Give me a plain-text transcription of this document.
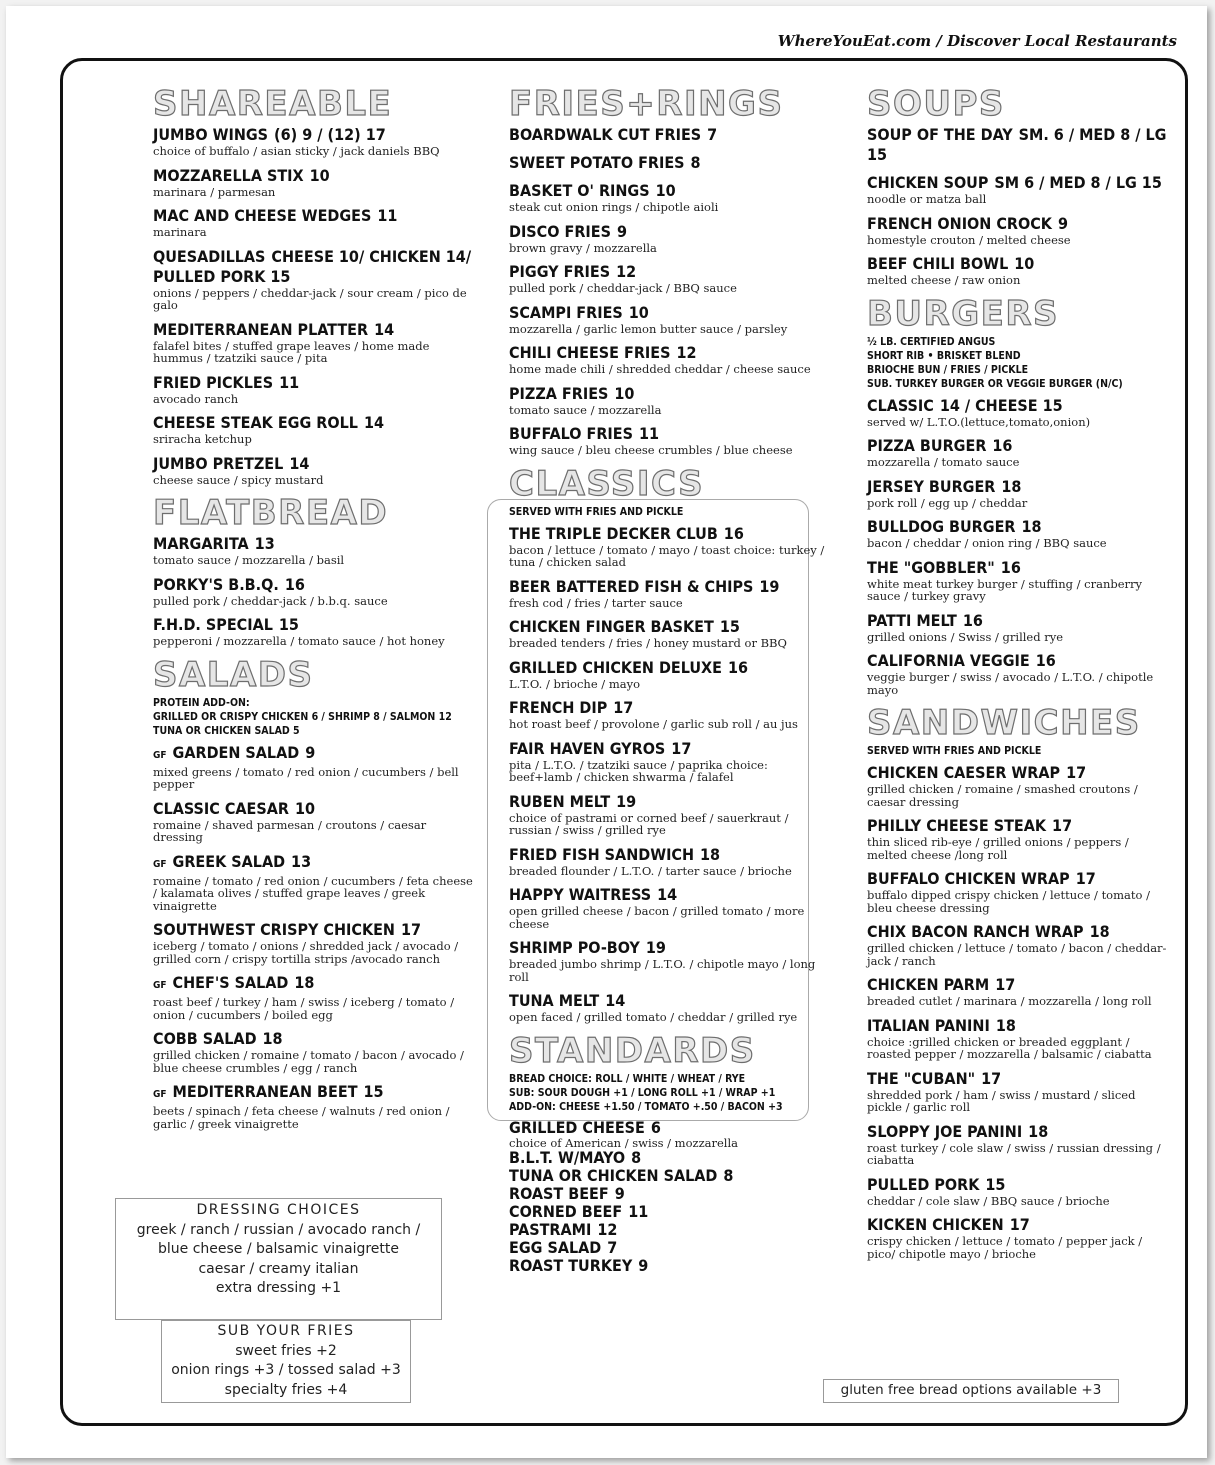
WhereYouEat.com / Discover Local Restaurants
SHAREABLE
JUMBO WINGS (6) 9 / (12) 17
choice of buffalo / asian sticky / jack daniels BBQ
MOZZARELLA STIX 10
marinara / parmesan
MAC AND CHEESE WEDGES 11
marinara
QUESADILLAS CHEESE 10/ CHICKEN 14/ PULLED PORK 15
onions / peppers / cheddar-jack / sour cream / pico de galo
MEDITERRANEAN PLATTER 14
falafel bites / stuffed grape leaves / home made hummus / tzatziki sauce / pita
FRIED PICKLES 11
avocado ranch
CHEESE STEAK EGG ROLL 14
sriracha ketchup
JUMBO PRETZEL 14
cheese sauce / spicy mustard
FLATBREAD
MARGARITA 13
tomato sauce / mozzarella / basil
PORKY'S B.B.Q. 16
pulled pork / cheddar-jack / b.b.q. sauce
F.H.D. SPECIAL 15
pepperoni / mozzarella / tomato sauce / hot honey
SALADS
PROTEIN ADD-ON:
GRILLED OR CRISPY CHICKEN 6 / SHRIMP 8 / SALMON 12
TUNA OR CHICKEN SALAD 5
GF GARDEN SALAD 9
mixed greens / tomato / red onion / cucumbers / bell pepper
CLASSIC CAESAR 10
romaine / shaved parmesan / croutons / caesar dressing
GF GREEK SALAD 13
romaine / tomato / red onion / cucumbers / feta cheese / kalamata olives / stuffed grape leaves / greek vinaigrette
SOUTHWEST CRISPY CHICKEN 17
iceberg / tomato / onions / shredded jack / avocado / grilled corn / crispy tortilla strips /avocado ranch
GF CHEF'S SALAD 18
roast beef / turkey / ham / swiss / iceberg / tomato / onion / cucumbers / boiled egg
COBB SALAD 18
grilled chicken / romaine / tomato / bacon / avocado / blue cheese crumbles / egg / ranch
GF MEDITERRANEAN BEET 15
beets / spinach / feta cheese / walnuts / red onion / garlic / greek vinaigrette
FRIES+RINGS
BOARDWALK CUT FRIES 7
SWEET POTATO FRIES 8
BASKET O' RINGS 10
steak cut onion rings / chipotle aioli
DISCO FRIES 9
brown gravy / mozzarella
PIGGY FRIES 12
pulled pork / cheddar-jack / BBQ sauce
SCAMPI FRIES 10
mozzarella / garlic lemon butter sauce / parsley
CHILI CHEESE FRIES 12
home made chili / shredded cheddar / cheese sauce
PIZZA FRIES 10
tomato sauce / mozzarella
BUFFALO FRIES 11
wing sauce / bleu cheese crumbles / blue cheese
CLASSICS
SERVED WITH FRIES AND PICKLE
THE TRIPLE DECKER CLUB 16
bacon / lettuce / tomato / mayo / toast choice: turkey / tuna / chicken salad
BEER BATTERED FISH & CHIPS 19
fresh cod / fries / tarter sauce
CHICKEN FINGER BASKET 15
breaded tenders / fries / honey mustard or BBQ
GRILLED CHICKEN DELUXE 16
L.T.O. / brioche / mayo
FRENCH DIP 17
hot roast beef / provolone / garlic sub roll / au jus
FAIR HAVEN GYROS 17
pita / L.T.O. / tzatziki sauce / paprika choice: beef+lamb / chicken shwarma / falafel
RUBEN MELT 19
choice of pastrami or corned beef / sauerkraut / russian / swiss / grilled rye
FRIED FISH SANDWICH 18
breaded flounder / L.T.O. / tarter sauce / brioche
HAPPY WAITRESS 14
open grilled cheese / bacon / grilled tomato / more cheese
SHRIMP PO-BOY 19
breaded jumbo shrimp / L.T.O. / chipotle mayo / long roll
TUNA MELT 14
open faced / grilled tomato / cheddar / grilled rye
STANDARDS
BREAD CHOICE: ROLL / WHITE / WHEAT / RYE
SUB: SOUR DOUGH +1 / LONG ROLL +1 / WRAP +1
ADD-ON: CHEESE +1.50 / TOMATO +.50 / BACON +3
GRILLED CHEESE 6
choice of American / swiss / mozzarella
B.L.T. W/MAYO 8
TUNA OR CHICKEN SALAD 8
ROAST BEEF 9
CORNED BEEF 11
PASTRAMI 12
EGG SALAD 7
ROAST TURKEY 9
SOUPS
SOUP OF THE DAY SM. 6 / MED 8 / LG 15
CHICKEN SOUP SM 6 / MED 8 / LG 15
noodle or matza ball
FRENCH ONION CROCK 9
homestyle crouton / melted cheese
BEEF CHILI BOWL 10
melted cheese / raw onion
BURGERS
½ LB. CERTIFIED ANGUS
SHORT RIB • BRISKET BLEND
BRIOCHE BUN / FRIES / PICKLE
SUB. TURKEY BURGER OR VEGGIE BURGER (N/C)
CLASSIC 14 / CHEESE 15
served w/ L.T.O.(lettuce,tomato,onion)
PIZZA BURGER 16
mozzarella / tomato sauce
JERSEY BURGER 18
pork roll / egg up / cheddar
BULLDOG BURGER 18
bacon / cheddar / onion ring / BBQ sauce
THE "GOBBLER" 16
white meat turkey burger / stuffing / cranberry sauce / turkey gravy
PATTI MELT 16
grilled onions / Swiss / grilled rye
CALIFORNIA VEGGIE 16
veggie burger / swiss / avocado / L.T.O. / chipotle mayo
SANDWICHES
SERVED WITH FRIES AND PICKLE
CHICKEN CAESER WRAP 17
grilled chicken / romaine / smashed croutons / caesar dressing
PHILLY CHEESE STEAK 17
thin sliced rib-eye / grilled onions / peppers / melted cheese /long roll
BUFFALO CHICKEN WRAP 17
buffalo dipped crispy chicken / lettuce / tomato / bleu cheese dressing
CHIX BACON RANCH WRAP 18
grilled chicken / lettuce / tomato / bacon / cheddar-jack / ranch
CHICKEN PARM 17
breaded cutlet / marinara / mozzarella / long roll
ITALIAN PANINI 18
choice :grilled chicken or breaded eggplant / roasted pepper / mozzarella / balsamic / ciabatta
THE "CUBAN" 17
shredded pork / ham / swiss / mustard / sliced pickle / garlic roll
SLOPPY JOE PANINI 18
roast turkey / cole slaw / swiss / russian dressing / ciabatta
PULLED PORK 15
cheddar / cole slaw / BBQ sauce / brioche
KICKEN CHICKEN 17
crispy chicken / lettuce / tomato / pepper jack / pico/ chipotle mayo / brioche
DRESSING CHOICES
greek / ranch / russian / avocado ranch /
blue cheese / balsamic vinaigrette
caesar / creamy italian
extra dressing +1
SUB YOUR FRIES
sweet fries +2
onion rings +3 / tossed salad +3
specialty fries +4	gluten free bread options available +3
